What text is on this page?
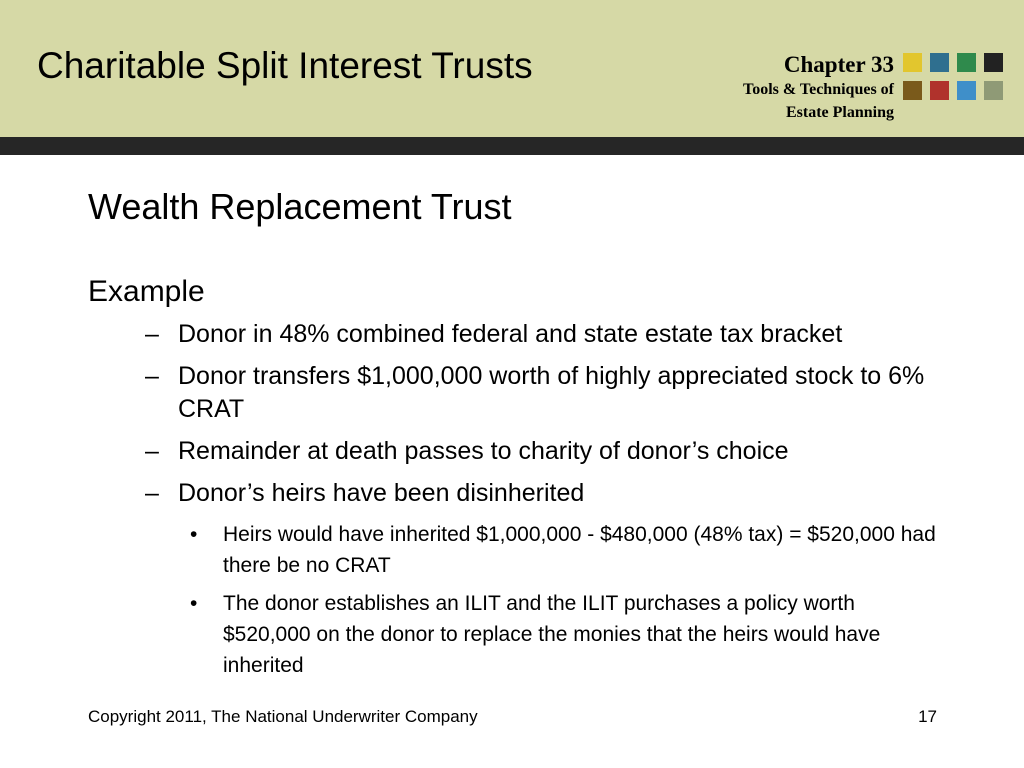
Charitable Split Interest Trusts	Chapter 33
Tools & Techniques of
Estate Planning
Wealth Replacement Trust
Example
– Donor in 48% combined federal and state estate tax bracket
– Donor transfers $1,000,000 worth of highly appreciated stock to 6% CRAT
– Remainder at death passes to charity of donor’s choice
– Donor’s heirs have been disinherited
• Heirs would have inherited $1,000,000 - $480,000 (48% tax) = $520,000 had there be no CRAT
• The donor establishes an ILIT and the ILIT purchases a policy worth $520,000 on the donor to replace the monies that the heirs would have inherited
Copyright 2011, The National Underwriter Company	17
